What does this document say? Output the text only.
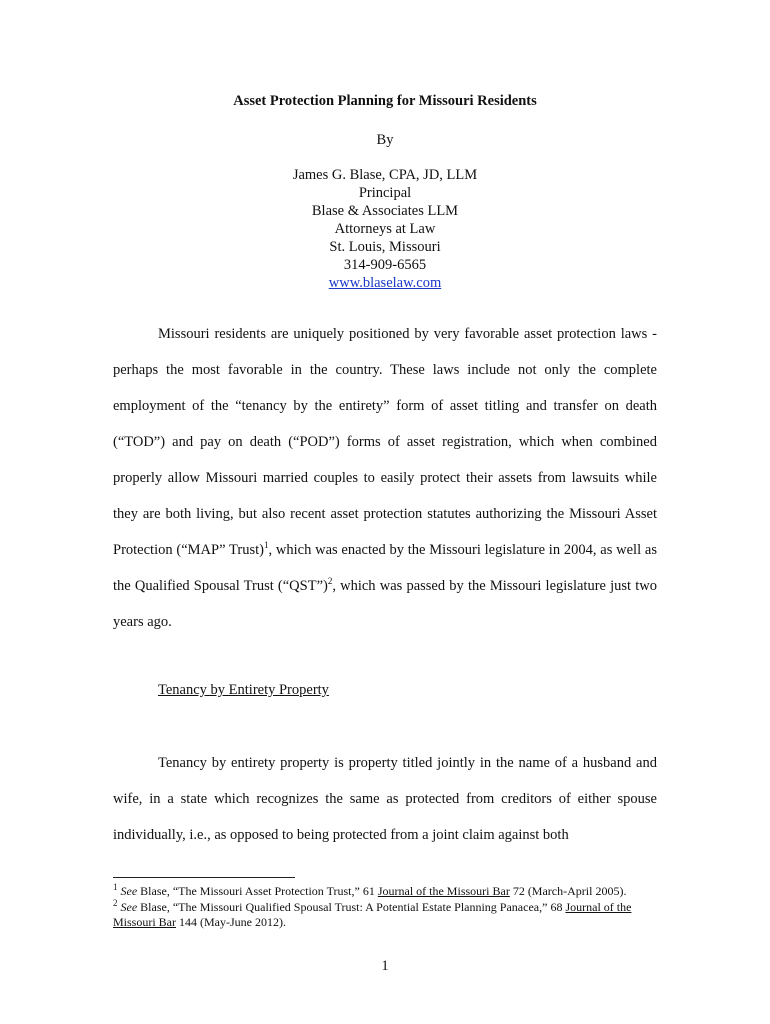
Asset Protection Planning for Missouri Residents
By
James G. Blase, CPA, JD, LLM
Principal
Blase & Associates LLM
Attorneys at Law
St. Louis, Missouri
314-909-6565
www.blaselaw.com

Missouri residents are uniquely positioned by very favorable asset protection laws - perhaps the most favorable in the country. These laws include not only the complete employment of the “tenancy by the entirety” form of asset titling and transfer on death (“TOD”) and pay on death (“POD”) forms of asset registration, which when combined properly allow Missouri married couples to easily protect their assets from lawsuits while they are both living, but also recent asset protection statutes authorizing the Missouri Asset Protection (“MAP” Trust)$^1$, which was enacted by the Missouri legislature in 2004, as well as the Qualified Spousal Trust (“QST”)$^2$, which was passed by the Missouri legislature just two years ago.

Tenancy by Entirety Property

Tenancy by entirety property is property titled jointly in the name of a husband and wife, in a state which recognizes the same as protected from creditors of either spouse individually, i.e., as opposed to being protected from a joint claim against both

$^1$ See Blase, “The Missouri Asset Protection Trust,” 61 Journal of the Missouri Bar 72 (March-April 2005).
$^2$ See Blase, “The Missouri Qualified Spousal Trust: A Potential Estate Planning Panacea,” 68 Journal of the Missouri Bar 144 (May-June 2012).
1
